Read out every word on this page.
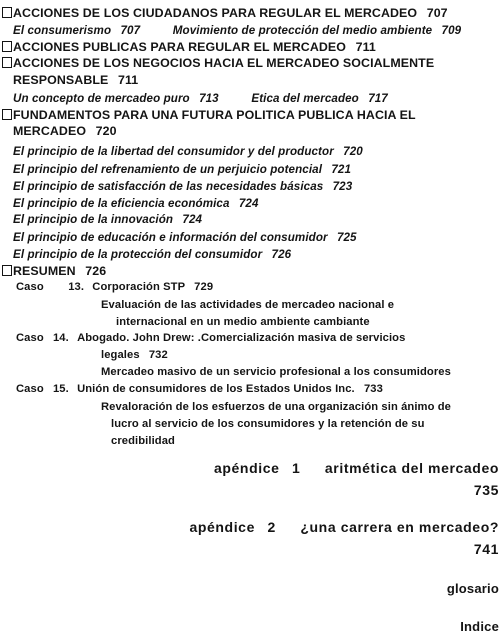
ACCIONES DE LOS CIUDADANOS PARA REGULAR EL MERCADEO 707
El consumerismo 707	Movimiento de protección del medio ambiente 709
ACCIONES PUBLICAS PARA REGULAR EL MERCADEO 711
ACCIONES DE LOS NEGOCIOS HACIA EL MERCADEO SOCIALMENTE
RESPONSABLE 711
Un concepto de mercadeo puro 713	Etica del mercadeo 717
FUNDAMENTOS PARA UNA FUTURA POLITICA PUBLICA HACIA EL
MERCADEO 720
El principio de la libertad del consumidor y del productor 720
El principio del refrenamiento de un perjuicio potencial 721
El principio de satisfacción de las necesidades básicas 723
El principio de la eficiencia económica 724
El principio de la innovación 724
El principio de educación e información del consumidor 725
El principio de la protección del consumidor 726
RESUMEN 726
Caso 13. Corporación STP 729
Evaluación de las actividades de mercadeo nacional e
internacional en un medio ambiente cambiante
Caso 14. Abogado. John Drew: .Comercialización masiva de servicios
legales 732
Mercadeo masivo de un servicio profesional a los consumidores
Caso 15. Unión de consumidores de los Estados Unidos Inc. 733
Revaloración de los esfuerzos de una organización sin ánimo de
lucro al servicio de los consumidores y la retención de su
credibilidad
apéndice 1 aritmética del mercadeo
735
apéndice 2 ¿una carrera en mercadeo?
741
glosario
Indice
